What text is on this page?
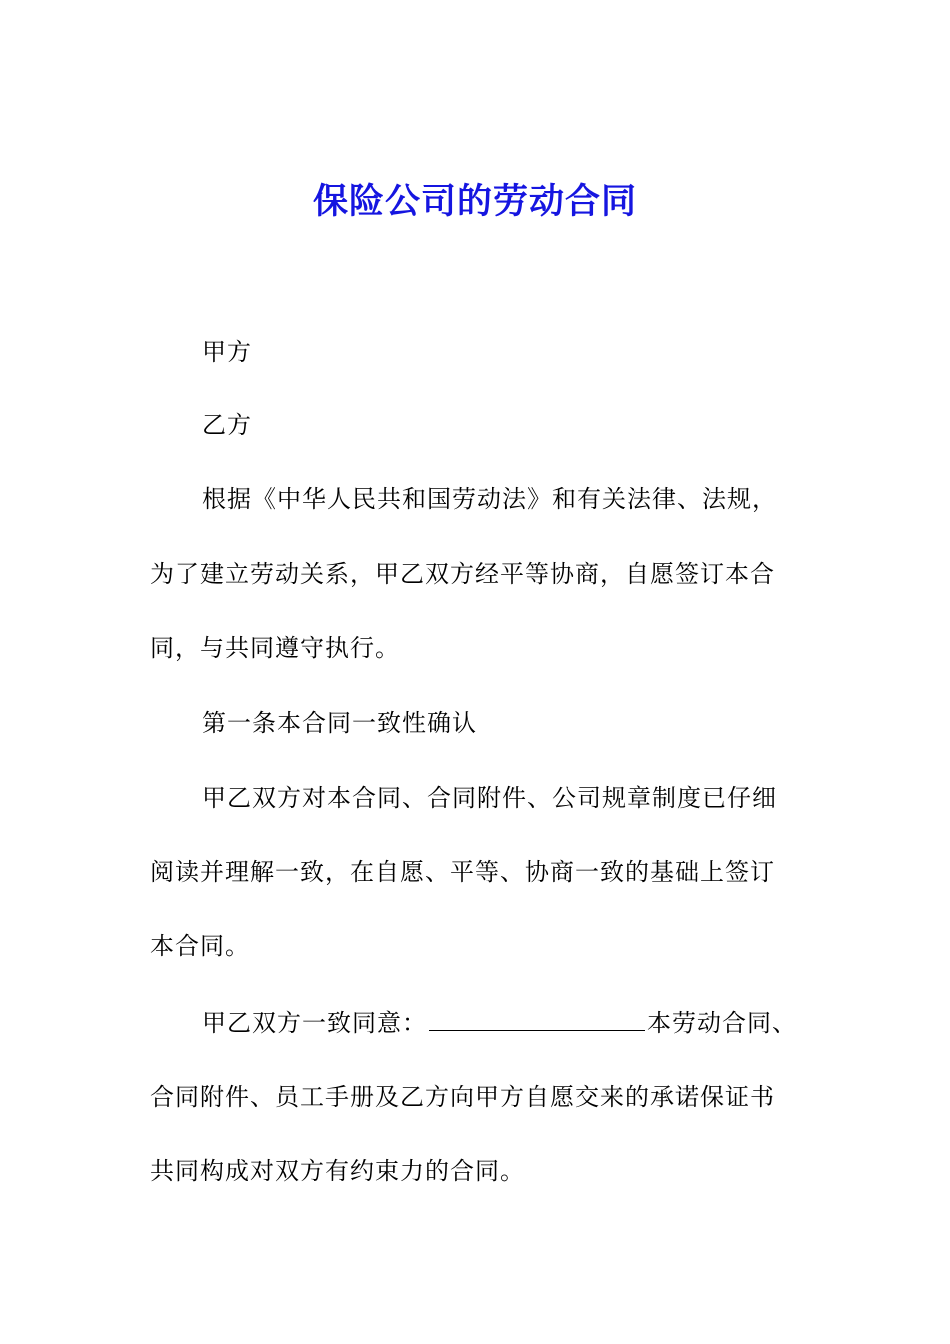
保险公司的劳动合同
甲方
乙方
根据《中华人民共和国劳动法》和有关法律、法规，
为了建立劳动关系，甲乙双方经平等协商，自愿签订本合
同，与共同遵守执行。
第一条本合同一致性确认
甲乙双方对本合同、合同附件、公司规章制度已仔细
阅读并理解一致，在自愿、平等、协商一致的基础上签订
本合同。
甲乙双方一致同意：	本劳动合同、
合同附件、员工手册及乙方向甲方自愿交来的承诺保证书
共同构成对双方有约束力的合同。
